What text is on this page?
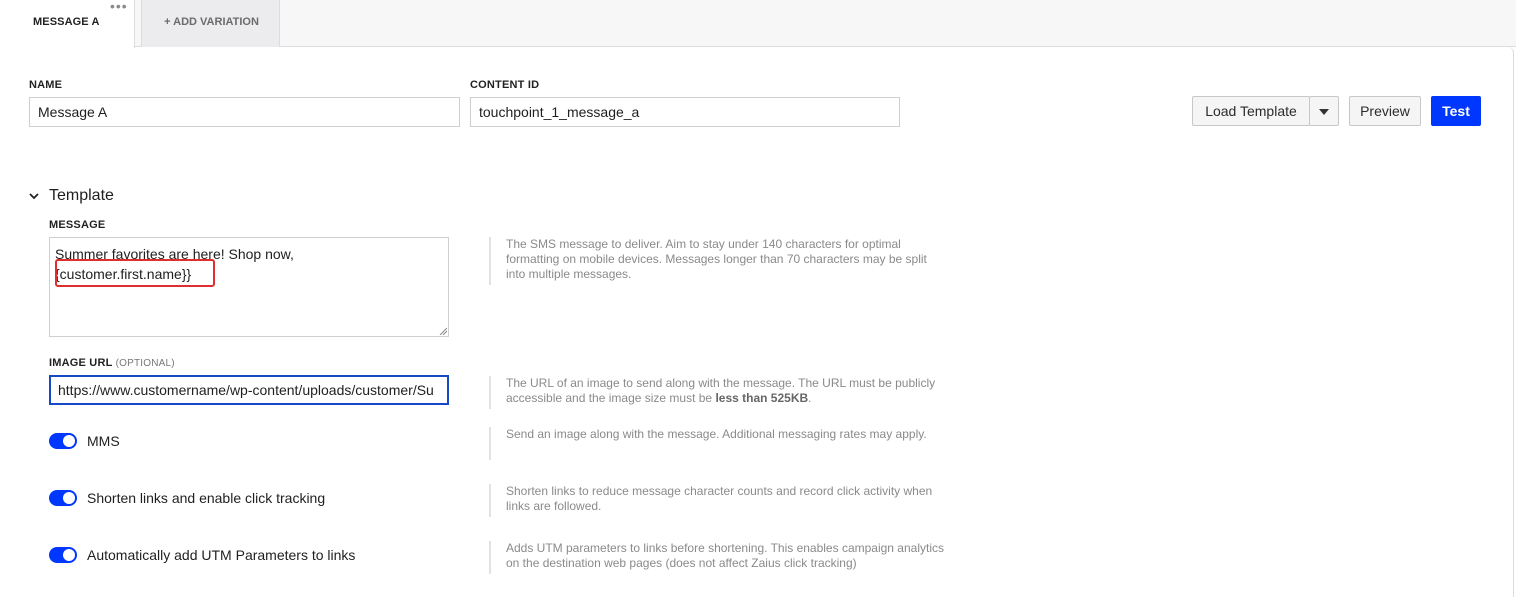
MESSAGE A
•••
+ ADD VARIATION
NAME
Message A
CONTENT ID
touchpoint_1_message_a	Load Template	Preview	Test
Template
MESSAGE
Summer favorites are here! Shop now,
{customer.first.name}}
The SMS message to deliver. Aim to stay under 140 characters for optimal formatting on mobile devices. Messages longer than 70 characters may be split into multiple messages.
IMAGE URL (OPTIONAL)
https://www.customername/wp-content/uploads/customer/Su	The URL of an image to send along with the message. The URL must be publicly accessible and the image size must be less than 525KB.
MMS	Send an image along with the message. Additional messaging rates may apply.
Shorten links and enable click tracking	Shorten links to reduce message character counts and record click activity when links are followed.
Automatically add UTM Parameters to links	Adds UTM parameters to links before shortening. This enables campaign analytics on the destination web pages (does not affect Zaius click tracking)
